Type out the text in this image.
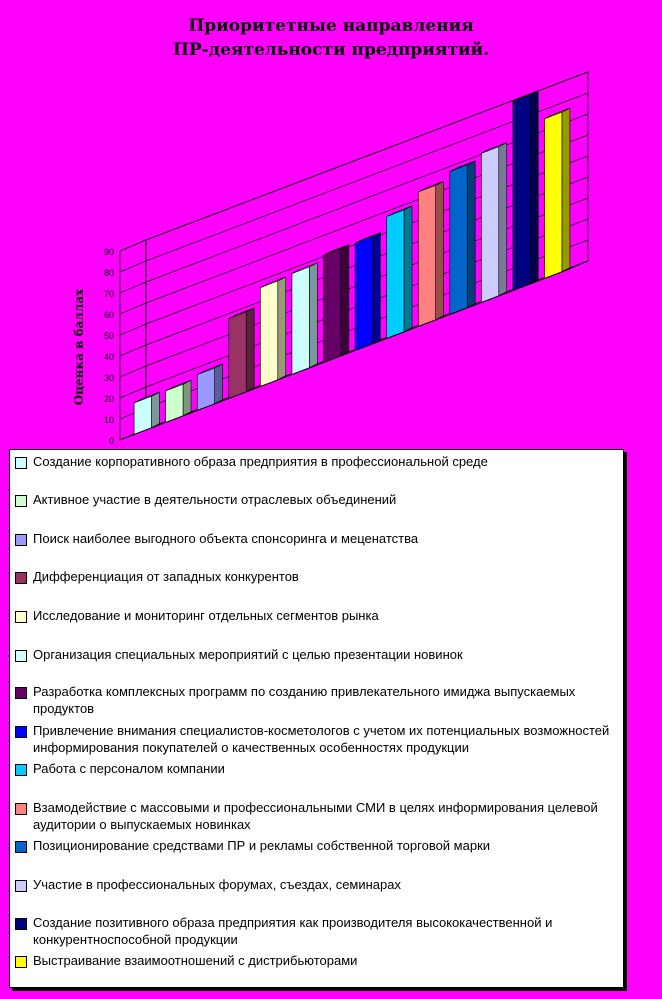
Приоритетные направления
ПР-деятельности предприятий.
0
10
20
30
40
50
60
70
80
90
Оценка в баллах
Создание корпоративного образа предприятия в профессиональной среде
Активное участие в деятельности отраслевых объединений
Поиск наиболее выгодного объекта спонсоринга и меценатства
Дифференциация от западных конкурентов
Исследование и мониторинг отдельных сегментов рынка
Организация специальных мероприятий с целью презентации новинок
Разработка комплексных программ по созданию привлекательного имиджа выпускаемых продуктов
Привлечение внимания специалистов-косметологов с учетом их потенциальных возможностей информирования покупателей о качественных особенностях продукции
Работа с персоналом компании
Взамодействие с массовыми и профессиональными СМИ в целях информирования целевой аудитории о выпускаемых новинках
Позиционирование средствами ПР и рекламы собственной торговой марки
Участие в профессиональных форумах, съездах, семинарах
Создание позитивного образа предприятия как производителя высококачественной и конкурентноспособной продукции
Выстраивание взаимоотношений с дистрибьюторами
